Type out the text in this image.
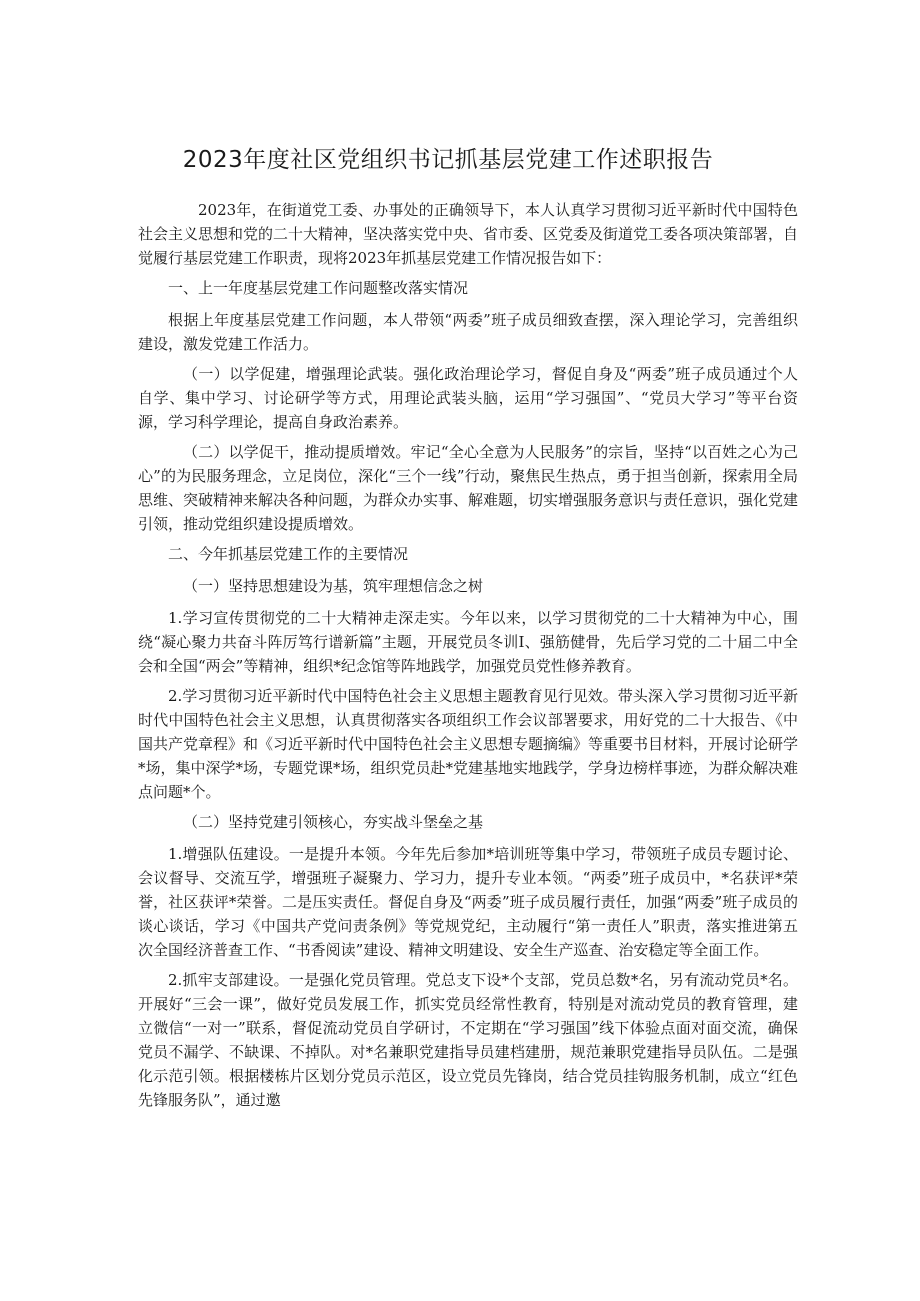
2023年度社区党组织书记抓基层党建工作述职报告

2023年，在街道党工委、办事处的正确领导下，本人认真学习贯彻习近平新时代中国特色社会主义思想和党的二十大精神，坚决落实党中央、省市委、区党委及街道党工委各项决策部署，自觉履行基层党建工作职责，现将2023年抓基层党建工作情况报告如下：

一、上一年度基层党建工作问题整改落实情况

根据上年度基层党建工作问题，本人带领“两委”班子成员细致查摆，深入理论学习，完善组织建设，激发党建工作活力。

（一）以学促建，增强理论武装。强化政治理论学习，督促自身及“两委”班子成员通过个人自学、集中学习、讨论研学等方式，用理论武装头脑，运用“学习强国”、“党员大学习”等平台资源，学习科学理论，提高自身政治素养。

（二）以学促干，推动提质增效。牢记“全心全意为人民服务”的宗旨，坚持“以百姓之心为己心”的为民服务理念，立足岗位，深化“三个一线”行动，聚焦民生热点，勇于担当创新，探索用全局思维、突破精神来解决各种问题，为群众办实事、解难题，切实增强服务意识与责任意识，强化党建引领，推动党组织建设提质增效。

二、今年抓基层党建工作的主要情况

（一）坚持思想建设为基，筑牢理想信念之树

1.学习宣传贯彻党的二十大精神走深走实。今年以来，以学习贯彻党的二十大精神为中心，围绕“凝心聚力共奋斗阵厉笃行谱新篇”主题，开展党员冬训I、强筋健骨，先后学习党的二十届二中全会和全国“两会”等精神，组织*纪念馆等阵地践学，加强党员党性修养教育。

2.学习贯彻习近平新时代中国特色社会主义思想主题教育见行见效。带头深入学习贯彻习近平新时代中国特色社会主义思想，认真贯彻落实各项组织工作会议部署要求，用好党的二十大报告、《中国共产党章程》和《习近平新时代中国特色社会主义思想专题摘编》等重要书目材料，开展讨论研学*场，集中深学*场，专题党课*场，组织党员赴*党建基地实地践学，学身边榜样事迹，为群众解决难点问题*个。

（二）坚持党建引领核心，夯实战斗堡垒之基

1.增强队伍建设。一是提升本领。今年先后参加*培训班等集中学习，带领班子成员专题讨论、会议督导、交流互学，增强班子凝聚力、学习力，提升专业本领。“两委”班子成员中，*名获评*荣誉，社区获评*荣誉。二是压实责任。督促自身及“两委”班子成员履行责任，加强“两委”班子成员的谈心谈话，学习《中国共产党问责条例》等党规党纪，主动履行“第一责任人”职责，落实推进第五次全国经济普查工作、“书香阅读”建设、精神文明建设、安全生产巡查、治安稳定等全面工作。

2.抓牢支部建设。一是强化党员管理。党总支下设*个支部，党员总数*名，另有流动党员*名。开展好“三会一课”，做好党员发展工作，抓实党员经常性教育，特别是对流动党员的教育管理，建立微信“一对一”联系，督促流动党员自学研讨，不定期在“学习强国”线下体验点面对面交流，确保党员不漏学、不缺课、不掉队。对*名兼职党建指导员建档建册，规范兼职党建指导员队伍。二是强化示范引领。根据楼栋片区划分党员示范区，设立党员先锋岗，结合党员挂钩服务机制，成立“红色先锋服务队”，通过邀
